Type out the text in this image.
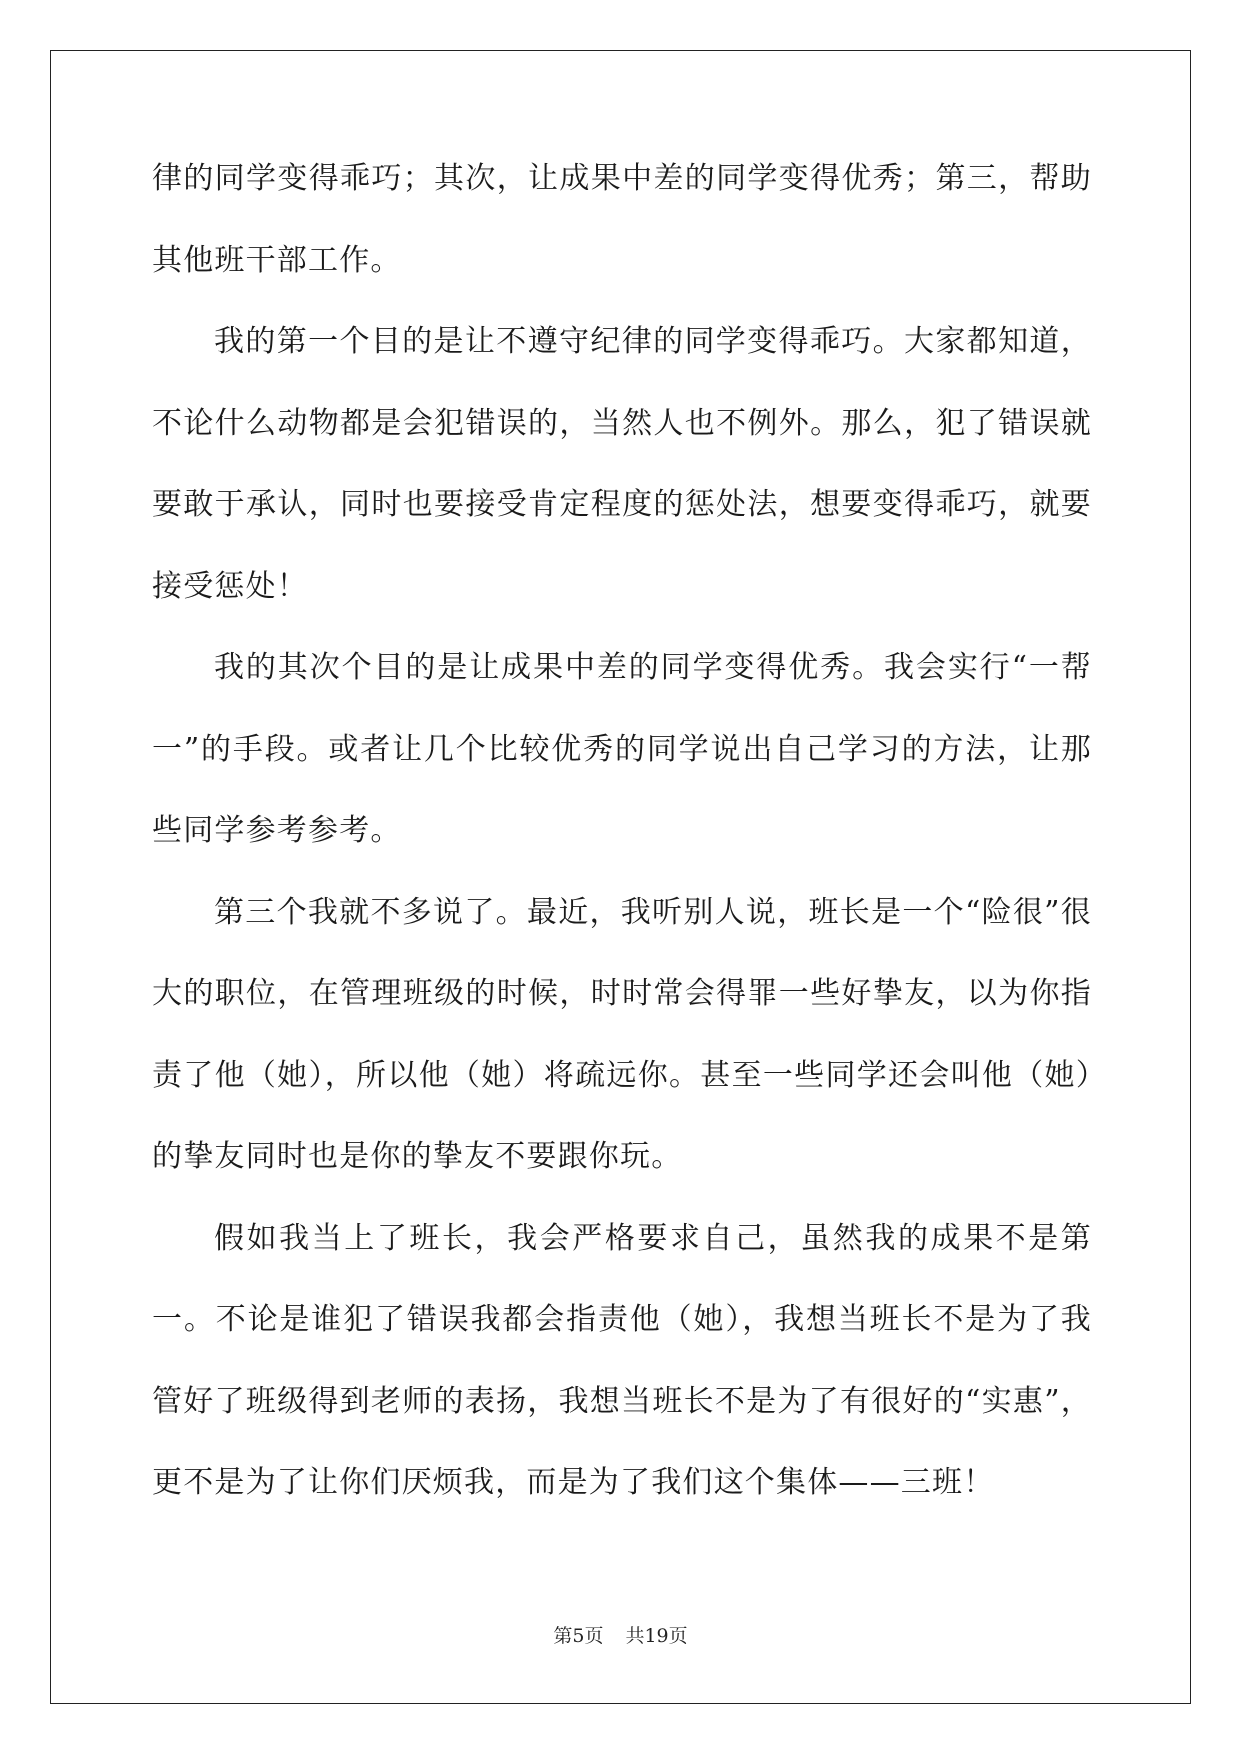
律的同学变得乖巧；其次，让成果中差的同学变得优秀；第三，帮助其他班干部工作。

我的第一个目的是让不遵守纪律的同学变得乖巧。大家都知道，不论什么动物都是会犯错误的，当然人也不例外。那么，犯了错误就要敢于承认，同时也要接受肯定程度的惩处法，想要变得乖巧，就要接受惩处！

我的其次个目的是让成果中差的同学变得优秀。我会实行“一帮一”的手段。或者让几个比较优秀的同学说出自己学习的方法，让那些同学参考参考。

第三个我就不多说了。最近，我听别人说，班长是一个“险很”很大的职位，在管理班级的时候，时时常会得罪一些好挚友，以为你指责了他（她），所以他（她）将疏远你。甚至一些同学还会叫他（她）的挚友同时也是你的挚友不要跟你玩。

假如我当上了班长，我会严格要求自己，虽然我的成果不是第一。不论是谁犯了错误我都会指责他（她），我想当班长不是为了我管好了班级得到老师的表扬，我想当班长不是为了有很好的“实惠”，更不是为了让你们厌烦我，而是为了我们这个集体——三班！

第5页 共19页
